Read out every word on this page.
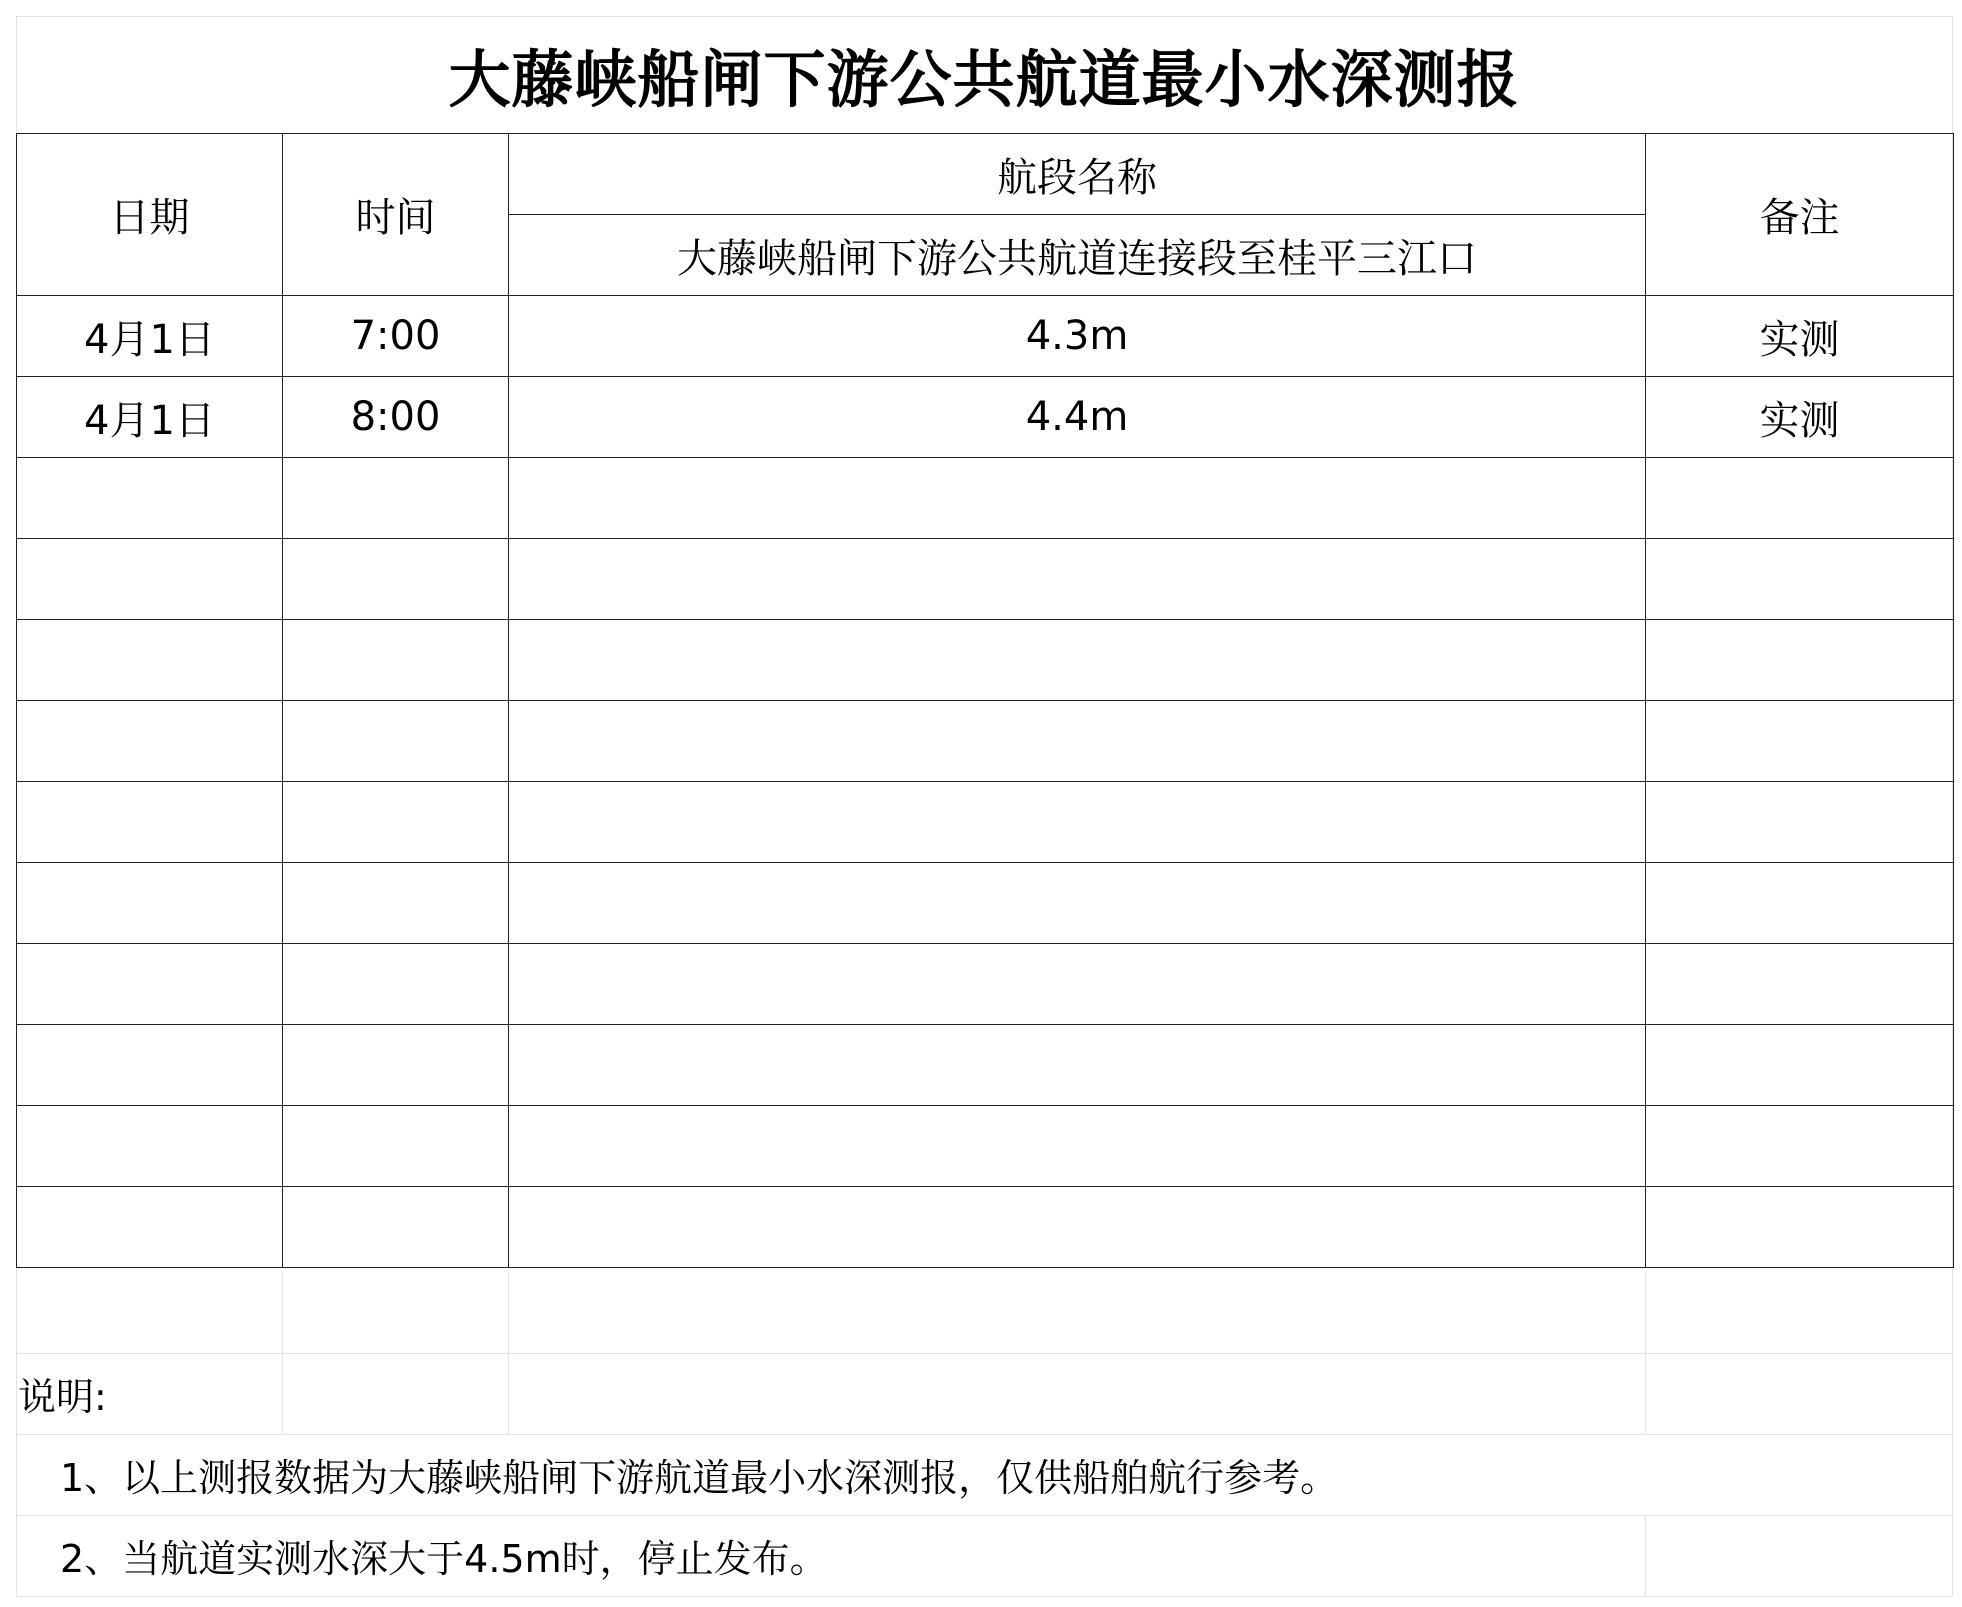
大藤峡船闸下游公共航道最小水深测报
日期	时间	航段名称	备注
		大藤峡船闸下游公共航道连接段至桂平三江口	
4月1日	7:00	4.3m	实测
4月1日	8:00	4.4m	实测

说明:
1、以上测报数据为大藤峡船闸下游航道最小水深测报，仅供船舶航行参考。
2、当航道实测水深大于4.5m时，停止发布。
